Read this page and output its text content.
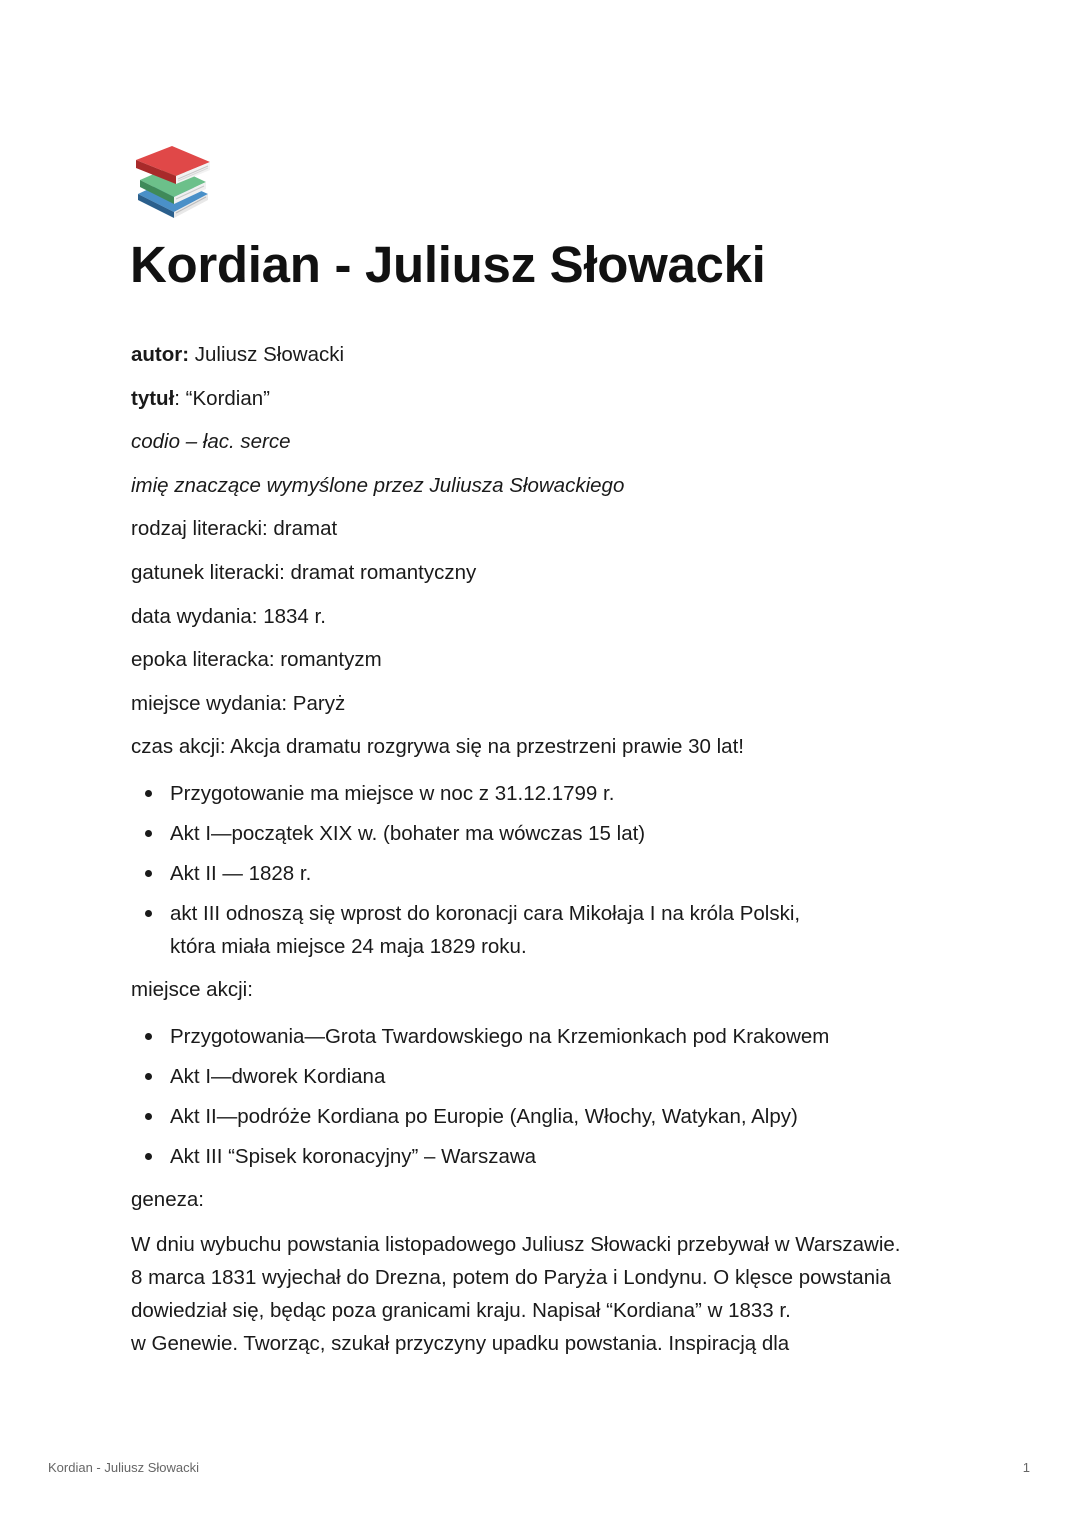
Kordian - Juliusz Słowacki
autor: Juliusz Słowacki
tytuł: “Kordian”
codio – łac. serce
imię znaczące wymyślone przez Juliusza Słowackiego
rodzaj literacki: dramat
gatunek literacki: dramat romantyczny
data wydania: 1834 r.
epoka literacka: romantyzm
miejsce wydania: Paryż
czas akcji: Akcja dramatu rozgrywa się na przestrzeni prawie 30 lat!
Przygotowanie ma miejsce w noc z 31.12.1799 r.
Akt I—początek XIX w. (bohater ma wówczas 15 lat)
Akt II — 1828 r.
akt III odnoszą się wprost do koronacji cara Mikołaja I na króla Polski,
która miała miejsce 24 maja 1829 roku.
miejsce akcji:
Przygotowania—Grota Twardowskiego na Krzemionkach pod Krakowem
Akt I—dworek Kordiana
Akt II—podróże Kordiana po Europie (Anglia, Włochy, Watykan, Alpy)
Akt III “Spisek koronacyjny” – Warszawa
geneza:
W dniu wybuchu powstania listopadowego Juliusz Słowacki przebywał w Warszawie.
8 marca 1831 wyjechał do Drezna, potem do Paryża i Londynu. O klęsce powstania
dowiedział się, będąc poza granicami kraju. Napisał “Kordiana” w 1833 r.
w Genewie. Tworząc, szukał przyczyny upadku powstania. Inspiracją dla
Kordian - Juliusz Słowacki	1
